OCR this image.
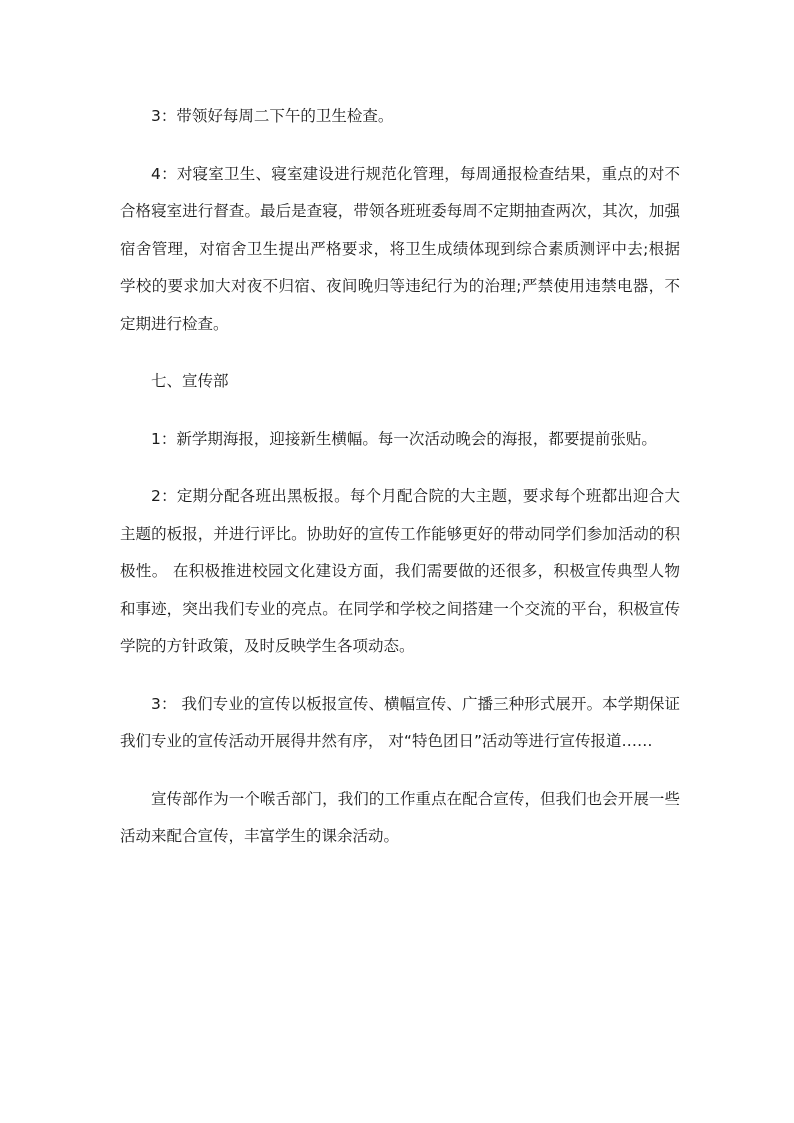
3：带领好每周二下午的卫生检查。

4：对寝室卫生、寝室建设进行规范化管理，每周通报检查结果，重点的对不合格寝室进行督查。最后是查寝，带领各班班委每周不定期抽查两次，其次，加强宿舍管理，对宿舍卫生提出严格要求，将卫生成绩体现到综合素质测评中去;根据学校的要求加大对夜不归宿、夜间晚归等违纪行为的治理;严禁使用违禁电器，不定期进行检查。

七、宣传部

1：新学期海报，迎接新生横幅。每一次活动晚会的海报，都要提前张贴。

2：定期分配各班出黑板报。每个月配合院的大主题，要求每个班都出迎合大主题的板报，并进行评比。协助好的宣传工作能够更好的带动同学们参加活动的积极性。 在积极推进校园文化建设方面，我们需要做的还很多，积极宣传典型人物和事迹，突出我们专业的亮点。在同学和学校之间搭建一个交流的平台，积极宣传学院的方针政策，及时反映学生各项动态。

3： 我们专业的宣传以板报宣传、横幅宣传、广播三种形式展开。本学期保证我们专业的宣传活动开展得井然有序， 对“特色团日”活动等进行宣传报道……

宣传部作为一个喉舌部门，我们的工作重点在配合宣传，但我们也会开展一些活动来配合宣传，丰富学生的课余活动。
